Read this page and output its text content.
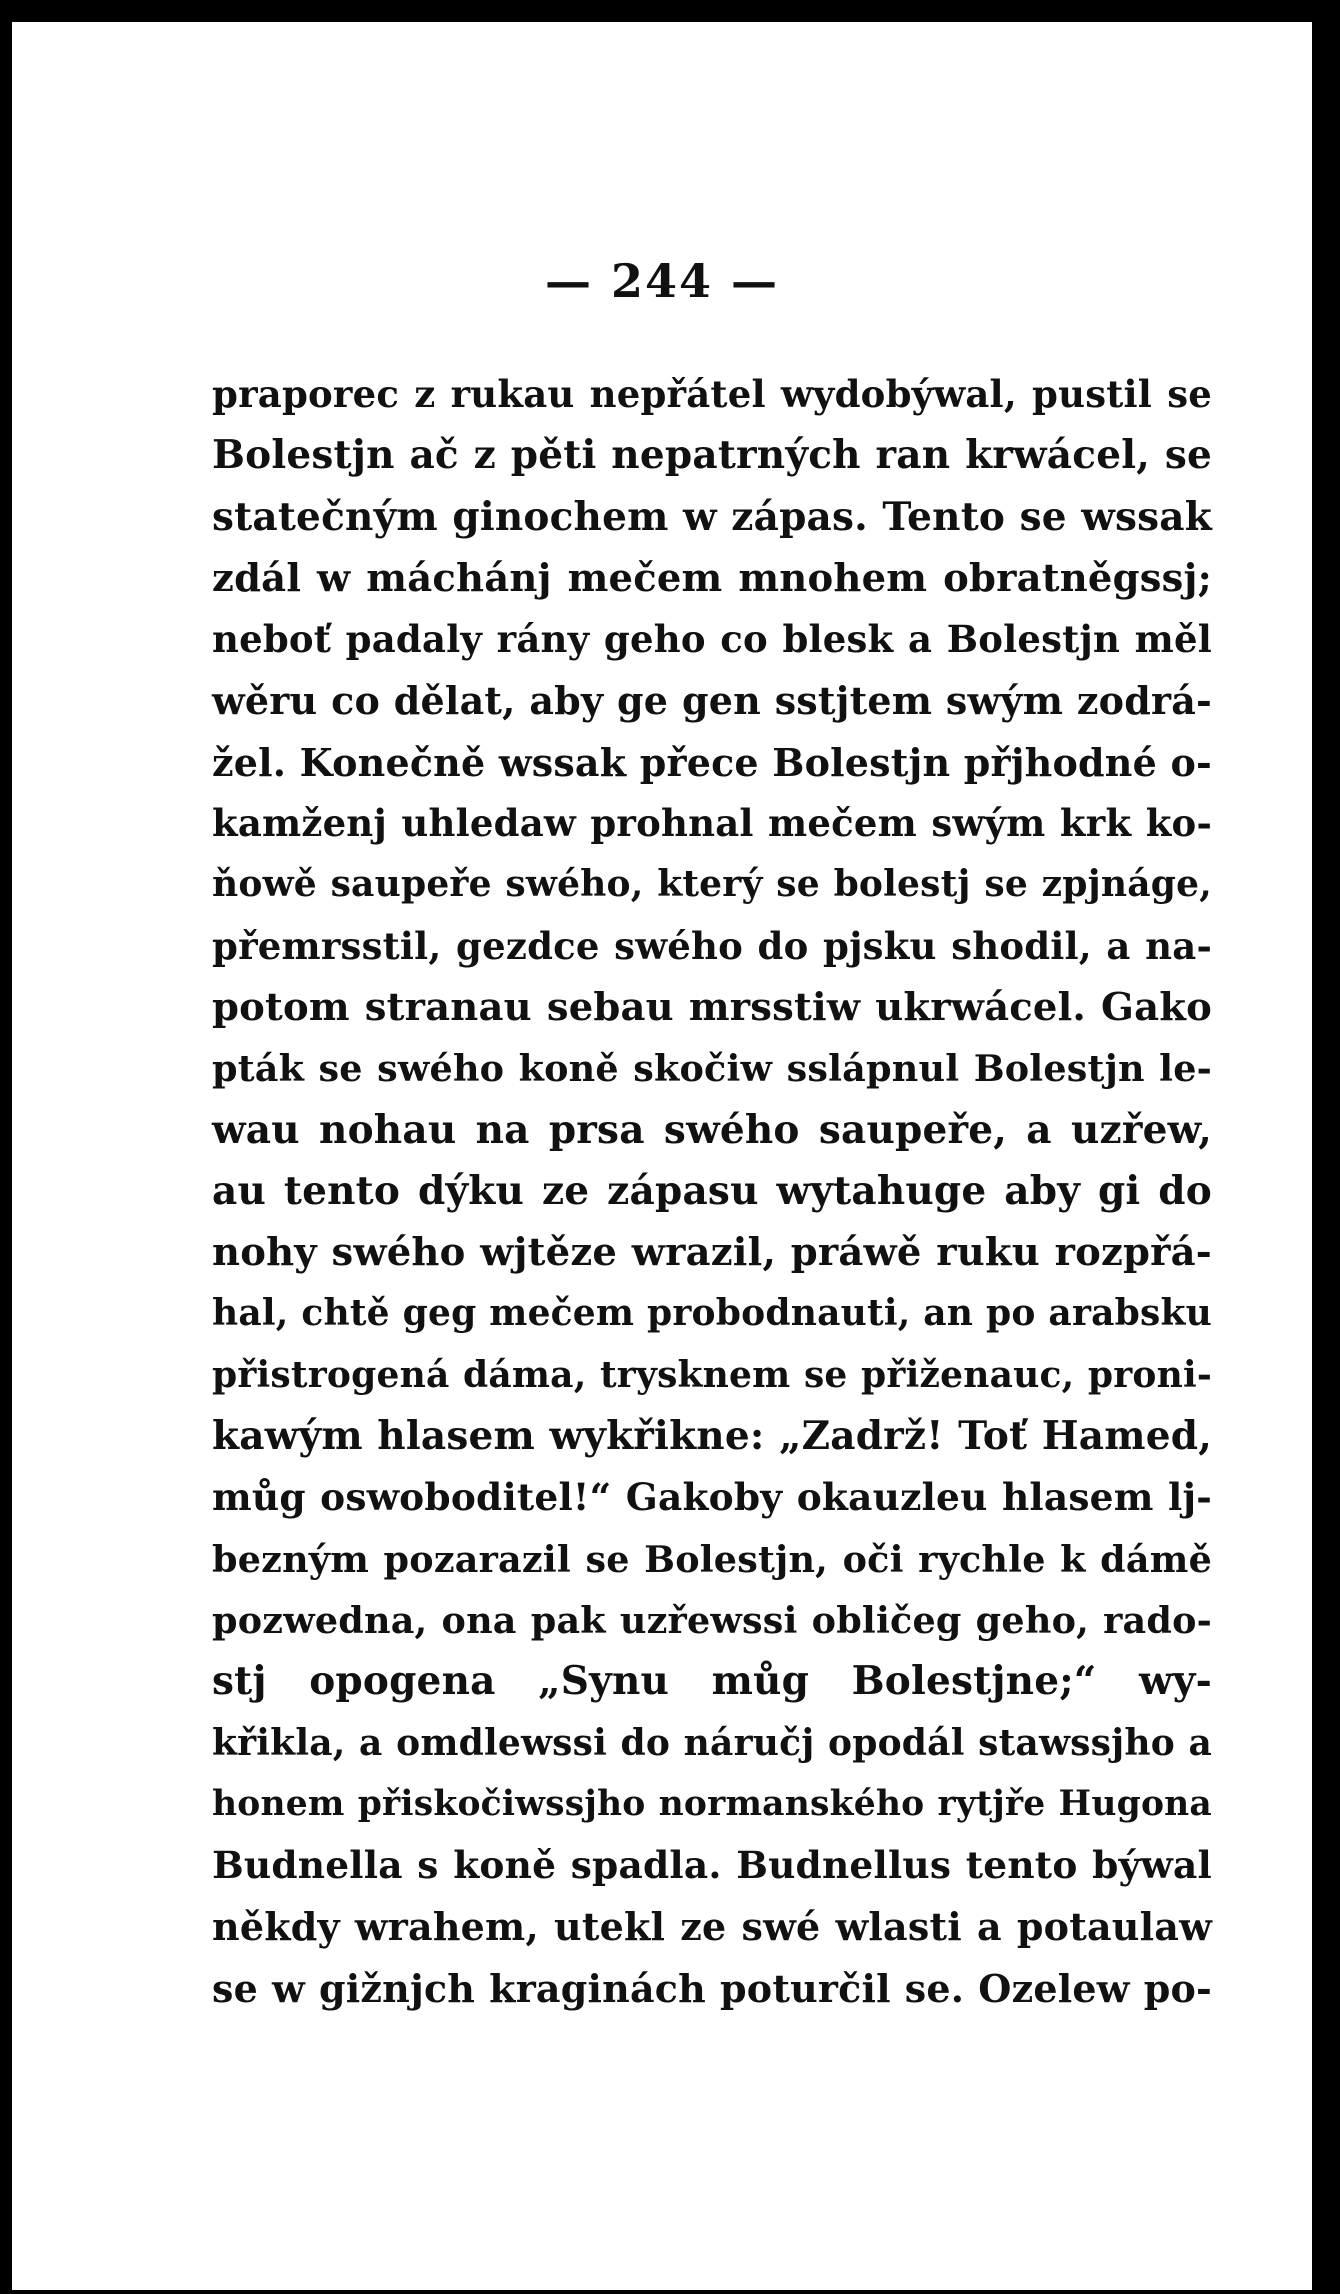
— 244 —
praporec z rukau nepřátel wydobýwal, pustil se
Bolestjn ač z pěti nepatrných ran krwácel, se
statečným ginochem w zápas. Tento se wssak
zdál w máchánj mečem mnohem obratněgssj;
neboť padaly rány geho co blesk a Bolestjn měl
wěru co dělat, aby ge gen sstjtem swým zodrá-
žel. Konečně wssak přece Bolestjn přjhodné o-
kamženj uhledaw prohnal mečem swým krk ko-
ňowě saupeře swého, který se bolestj se zpjnáge,
přemrsstil, gezdce swého do pjsku shodil, a na-
potom stranau sebau mrsstiw ukrwácel. Gako
pták se swého koně skočiw sslápnul Bolestjn le-
wau nohau na prsa swého saupeře, a uzřew,
au tento dýku ze zápasu wytahuge aby gi do
nohy swého wjtěze wrazil, práwě ruku rozpřá-
hal, chtě geg mečem probodnauti, an po arabsku
přistrogená dáma, trysknem se přiženauc, proni-
kawým hlasem wykřikne: „Zadrž! Toť Hamed,
můg oswoboditel!“ Gakoby okauzleu hlasem lj-
bezným pozarazil se Bolestjn, oči rychle k dámě
pozwedna, ona pak uzřewssi obličeg geho, rado-
stj opogena „Synu můg Bolestjne;“ wy-
křikla, a omdlewssi do náručj opodál stawssjho a
honem přiskočiwssjho normanského rytjře Hugona
Budnella s koně spadla. Budnellus tento býwal
někdy wrahem, utekl ze swé wlasti a potaulaw
se w gižnjch kraginách poturčil se. Ozelew po-
